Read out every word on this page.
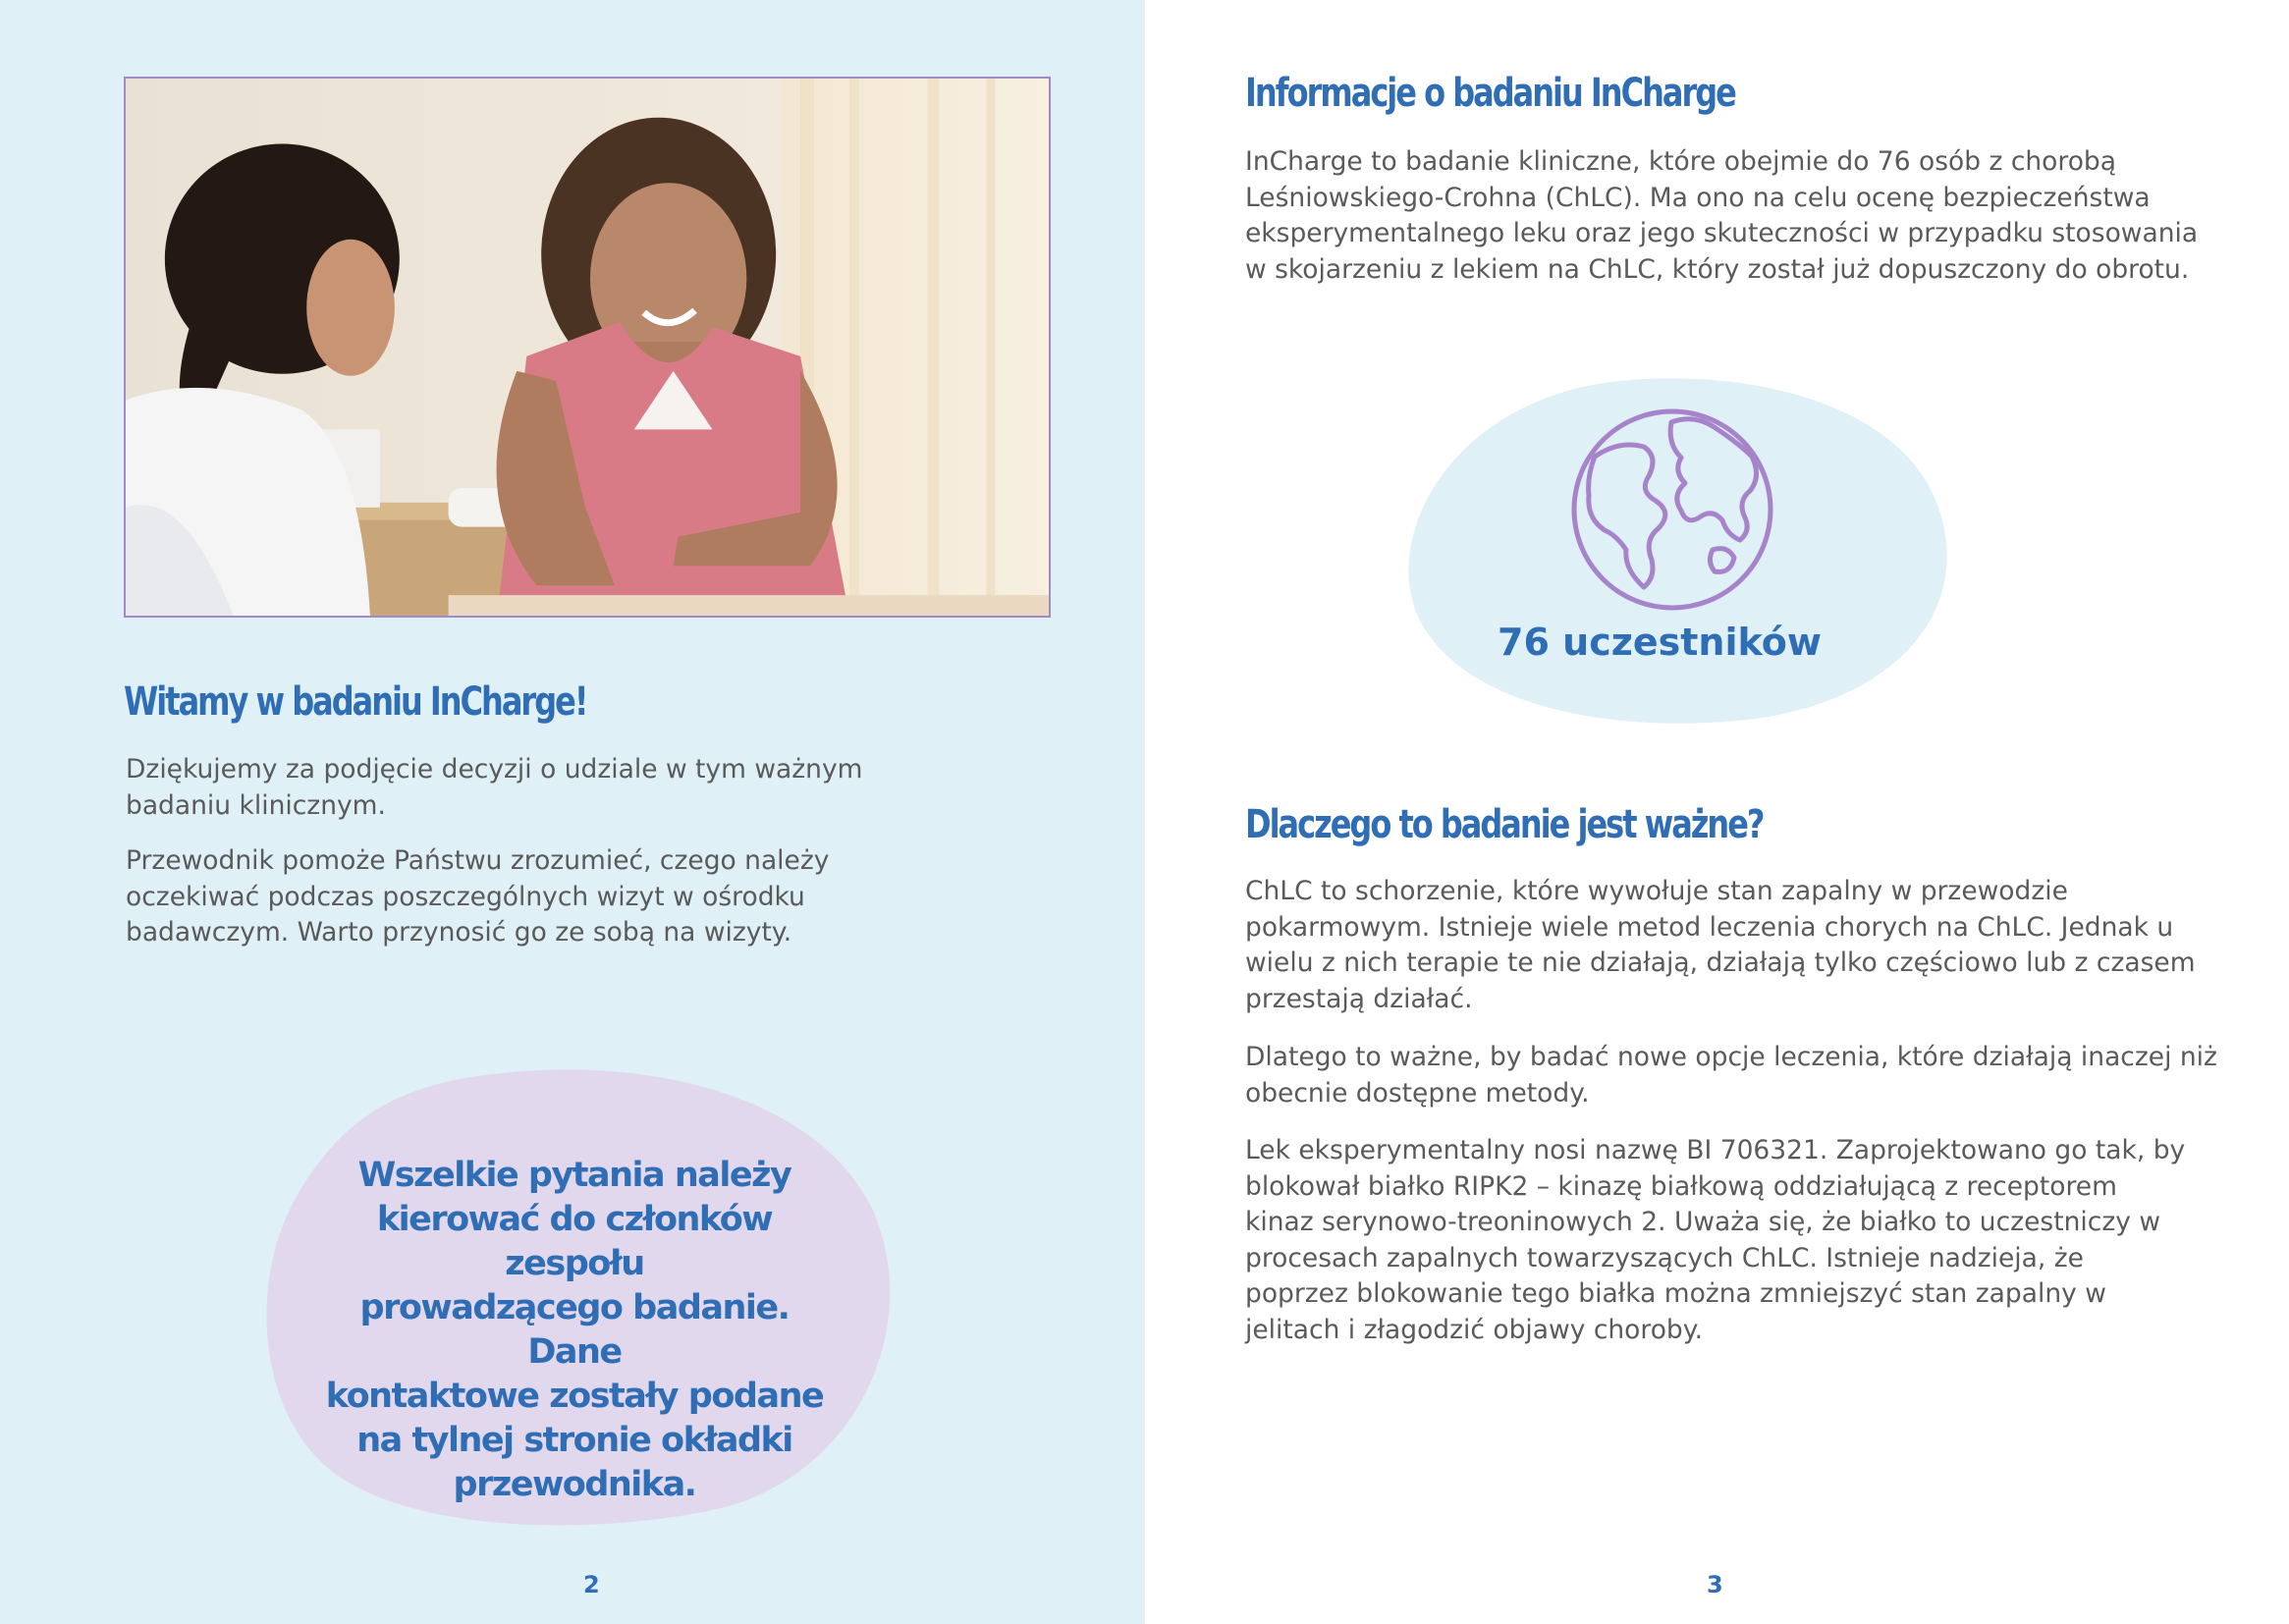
Witamy w badaniu InCharge!

Dziękujemy za podjęcie decyzji o udziale w tym ważnym badaniu klinicznym.

Przewodnik pomoże Państwu zrozumieć, czego należy oczekiwać podczas poszczególnych wizyt w ośrodku badawczym. Warto przynosić go ze sobą na wizyty.

Wszelkie pytania należy
kierować do członków zespołu
prowadzącego badanie. Dane
kontaktowe zostały podane
na tylnej stronie okładki
przewodnika.

2

Informacje o badaniu InCharge

InCharge to badanie kliniczne, które obejmie do 76 osób z chorobą Leśniowskiego-Crohna (ChLC). Ma ono na celu ocenę bezpieczeństwa eksperymentalnego leku oraz jego skuteczności w przypadku stosowania w skojarzeniu z lekiem na ChLC, który został już dopuszczony do obrotu.

76 uczestników

Dlaczego to badanie jest ważne?

ChLC to schorzenie, które wywołuje stan zapalny w przewodzie pokarmowym. Istnieje wiele metod leczenia chorych na ChLC. Jednak u wielu z nich terapie te nie działają, działają tylko częściowo lub z czasem przestają działać.

Dlatego to ważne, by badać nowe opcje leczenia, które działają inaczej niż obecnie dostępne metody.

Lek eksperymentalny nosi nazwę BI 706321. Zaprojektowano go tak, by blokował białko RIPK2 – kinazę białkową oddziałującą z receptorem kinaz serynowo-treoninowych 2. Uważa się, że białko to uczestniczy w procesach zapalnych towarzyszących ChLC. Istnieje nadzieja, że poprzez blokowanie tego białka można zmniejszyć stan zapalny w jelitach i złagodzić objawy choroby.

3
